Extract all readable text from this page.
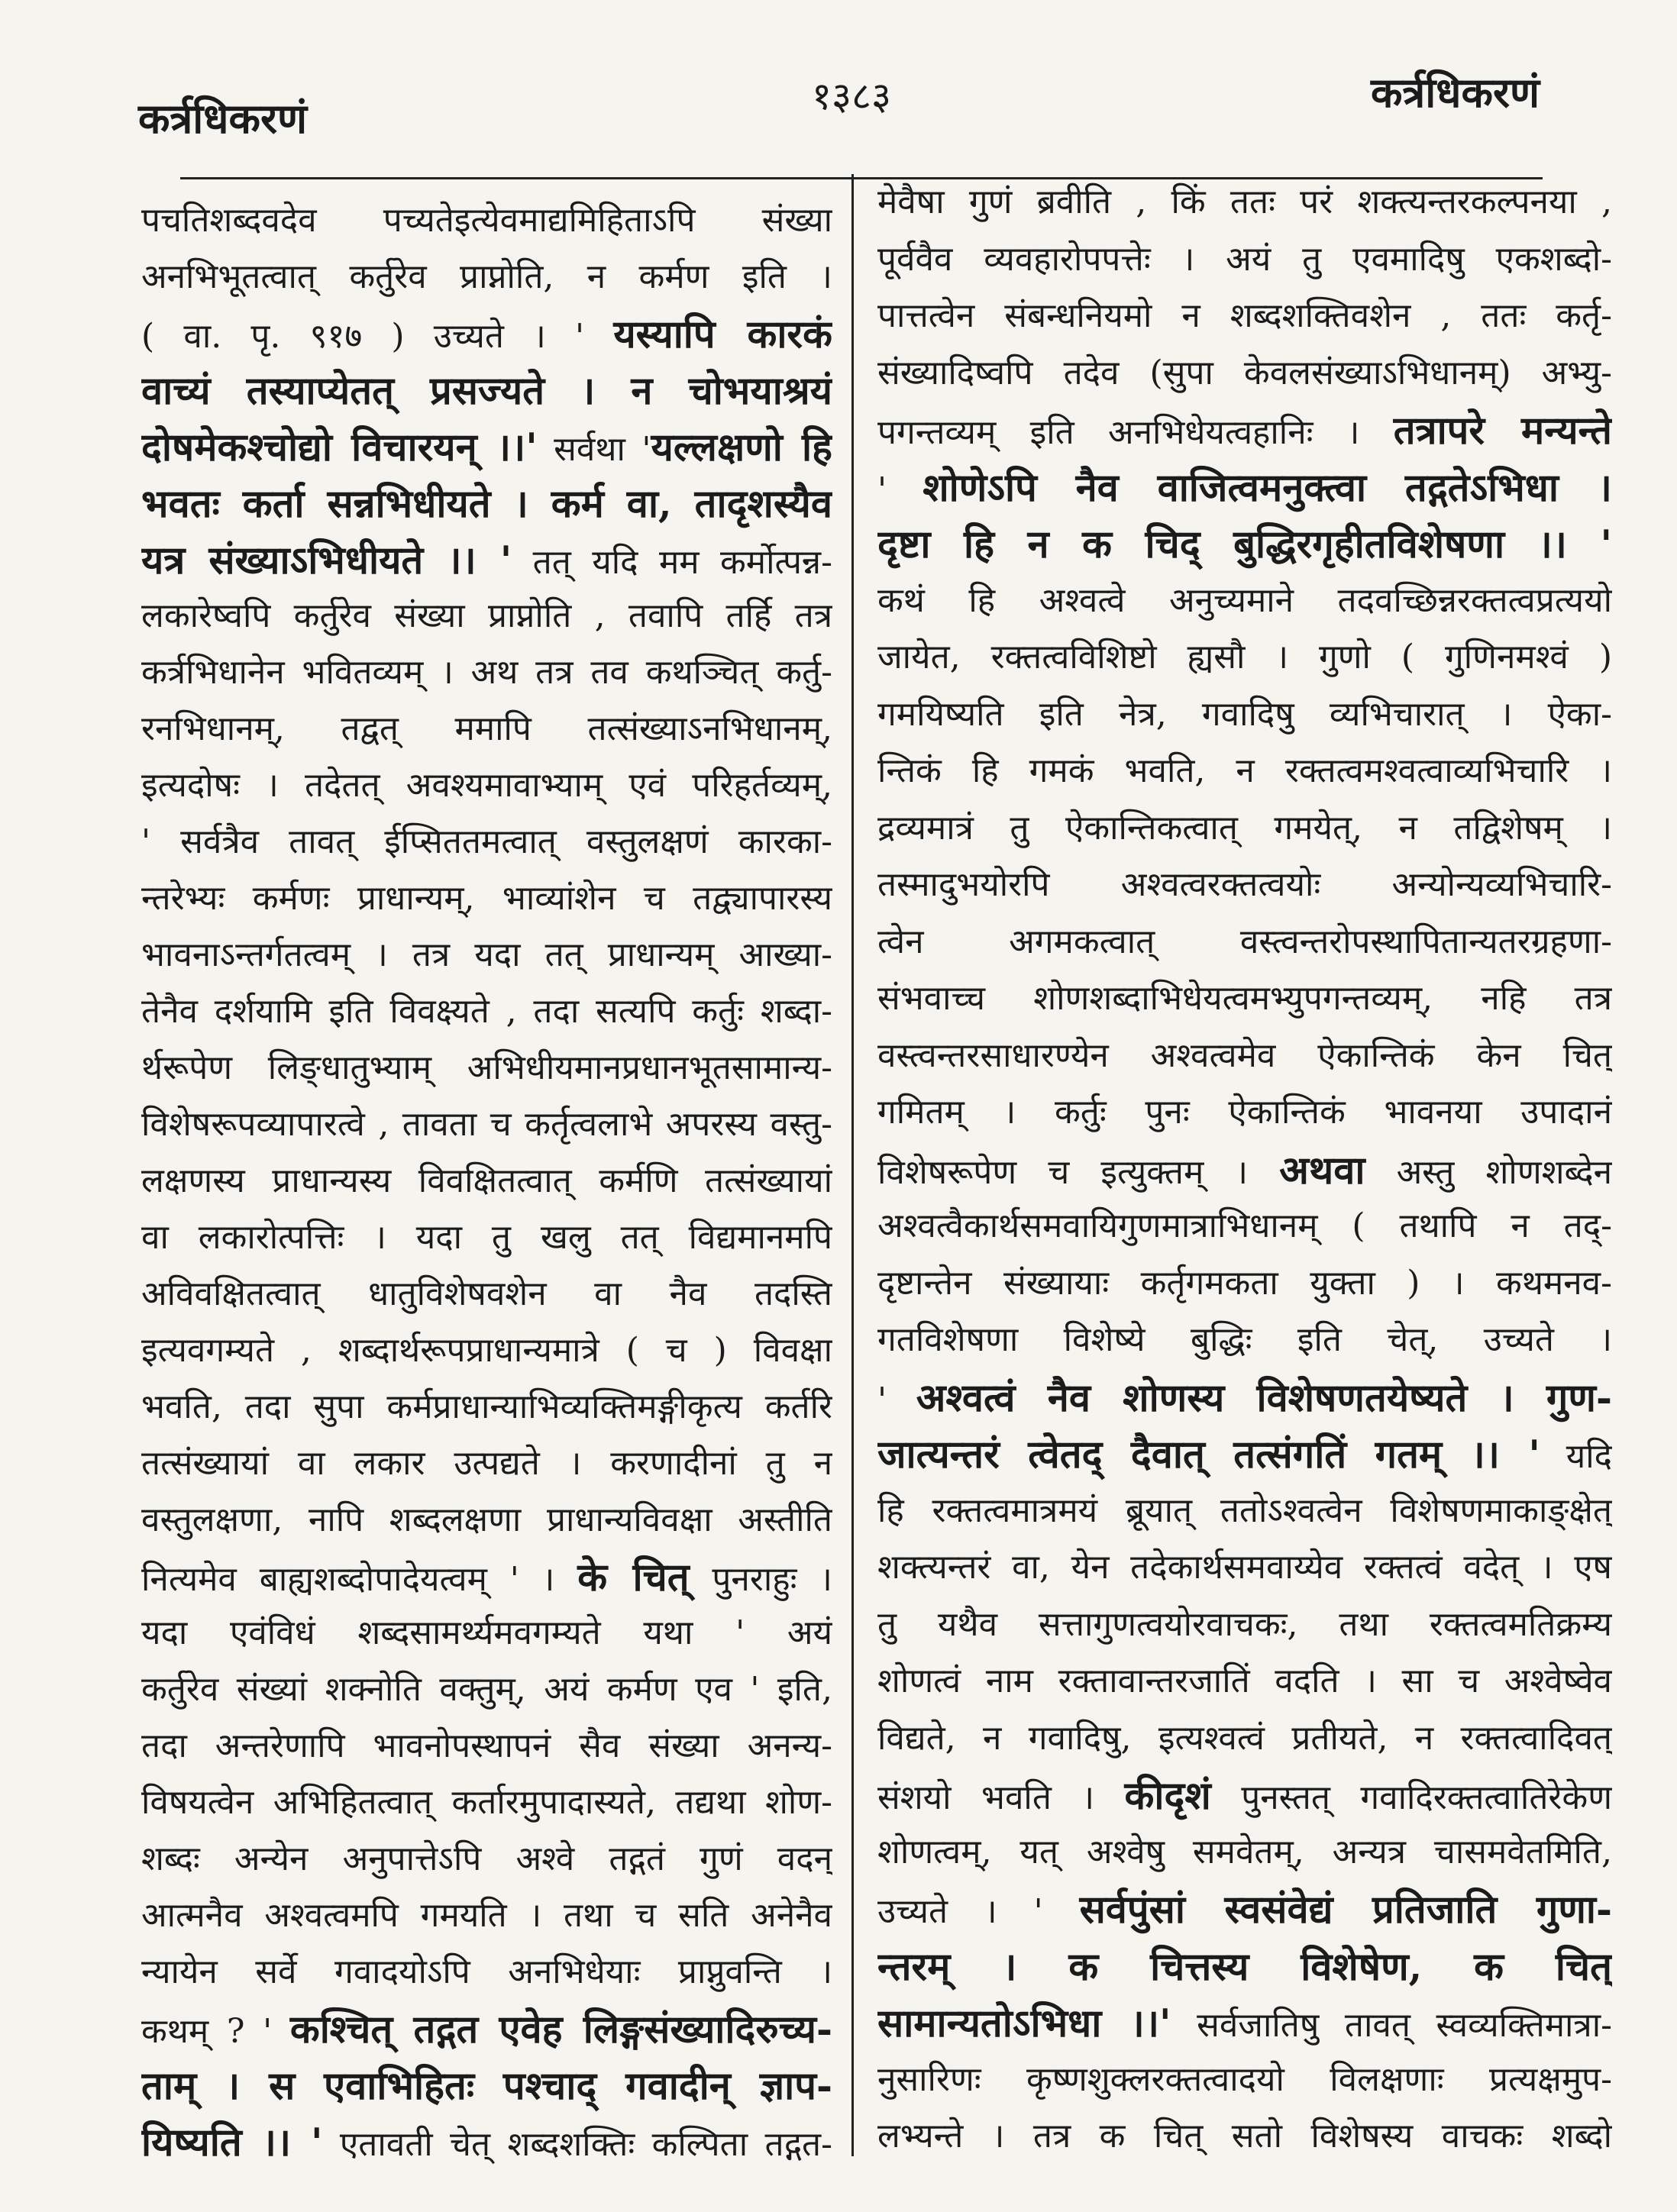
कर्त्रधिकरणं	१३८३	कर्त्रधिकरणं
पचतिशब्दवदेव पच्यतेइत्येवमाद्यमिहिताऽपि संख्या
अनभिभूतत्वात् कर्तुरेव प्राप्नोति, न कर्मण इति ।
( वा. पृ. ९१७ ) उच्यते । ' यस्यापि कारकं
वाच्यं तस्याप्येतत् प्रसज्यते । न चोभयाश्रयं
दोषमेकश्चोद्यो विचारयन् ।।' सर्वथा 'यल्लक्षणो हि
भवतः कर्ता सन्नभिधीयते । कर्म वा, तादृशस्यैव
यत्र संख्याऽभिधीयते ।। ' तत् यदि मम कर्मोत्पन्न-
लकारेष्वपि कर्तुरेव संख्या प्राप्नोति , तवापि तर्हि तत्र
कर्त्रभिधानेन भवितव्यम् । अथ तत्र तव कथञ्चित् कर्तु-
रनभिधानम्, तद्वत् ममापि तत्संख्याऽनभिधानम्,
इत्यदोषः । तदेतत् अवश्यमावाभ्याम् एवं परिहर्तव्यम्,
' सर्वत्रैव तावत् ईप्सिततमत्वात् वस्तुलक्षणं कारका-
न्तरेभ्यः कर्मणः प्राधान्यम्, भाव्यांशेन च तद्व्यापारस्य
भावनाऽन्तर्गतत्वम् । तत्र यदा तत् प्राधान्यम् आख्या-
तेनैव दर्शयामि इति विवक्ष्यते , तदा सत्यपि कर्तुः शब्दा-
र्थरूपेण लिङ्धातुभ्याम् अभिधीयमानप्रधानभूतसामान्य-
विशेषरूपव्यापारत्वे , तावता च कर्तृत्वलाभे अपरस्य वस्तु-
लक्षणस्य प्राधान्यस्य विवक्षितत्वात् कर्मणि तत्संख्यायां
वा लकारोत्पत्तिः । यदा तु खलु तत् विद्यमानमपि
अविवक्षितत्वात् धातुविशेषवशेन वा नैव तदस्ति
इत्यवगम्यते , शब्दार्थरूपप्राधान्यमात्रे ( च ) विवक्षा
भवति, तदा सुपा कर्मप्राधान्याभिव्यक्तिमङ्गीकृत्य कर्तरि
तत्संख्यायां वा लकार उत्पद्यते । करणादीनां तु न
वस्तुलक्षणा, नापि शब्दलक्षणा प्राधान्यविवक्षा अस्तीति
नित्यमेव बाह्यशब्दोपादेयत्वम् ' । के चित् पुनराहुः ।
यदा एवंविधं शब्दसामर्थ्यमवगम्यते यथा ' अयं
कर्तुरेव संख्यां शक्नोति वक्तुम्, अयं कर्मण एव ' इति,
तदा अन्तरेणापि भावनोपस्थापनं सैव संख्या अनन्य-
विषयत्वेन अभिहितत्वात् कर्तारमुपादास्यते, तद्यथा शोण-
शब्दः अन्येन अनुपात्तेऽपि अश्वे तद्गतं गुणं वदन्
आत्मनैव अश्वत्वमपि गमयति । तथा च सति अनेनैव
न्यायेन सर्वे गवादयोऽपि अनभिधेयाः प्राप्नुवन्ति ।
कथम् ? ' कश्चित् तद्गत एवेह लिङ्गसंख्यादिरुच्य-
ताम् । स एवाभिहितः पश्चाद् गवादीन् ज्ञाप-
यिष्यति ।। ' एतावती चेत् शब्दशक्तिः कल्पिता तद्गत-
मेवैषा गुणं ब्रवीति , किं ततः परं शक्त्यन्तरकल्पनया ,
पूर्ववैव व्यवहारोपपत्तेः । अयं तु एवमादिषु एकशब्दो-
पात्तत्वेन संबन्धनियमो न शब्दशक्तिवशेन , ततः कर्तृ-
संख्यादिष्वपि तदेव (सुपा केवलसंख्याऽभिधानम्) अभ्यु-
पगन्तव्यम् इति अनभिधेयत्वहानिः । तत्रापरे मन्यन्ते
' शोणेऽपि नैव वाजित्वमनुक्त्वा तद्गतेऽभिधा ।
दृष्टा हि न क चिद् बुद्धिरगृहीतविशेषणा ।। '
कथं हि अश्वत्वे अनुच्यमाने तदवच्छिन्नरक्तत्वप्रत्ययो
जायेत, रक्तत्वविशिष्टो ह्यसौ । गुणो ( गुणिनमश्वं )
गमयिष्यति इति नेत्र, गवादिषु व्यभिचारात् । ऐका-
न्तिकं हि गमकं भवति, न रक्तत्वमश्वत्वाव्यभिचारि ।
द्रव्यमात्रं तु ऐकान्तिकत्वात् गमयेत्, न तद्विशेषम् ।
तस्मादुभयोरपि अश्वत्वरक्तत्वयोः अन्योन्यव्यभिचारि-
त्वेन अगमकत्वात् वस्त्वन्तरोपस्थापितान्यतरग्रहणा-
संभवाच्च शोणशब्दाभिधेयत्वमभ्युपगन्तव्यम्, नहि तत्र
वस्त्वन्तरसाधारण्येन अश्वत्वमेव ऐकान्तिकं केन चित्
गमितम् । कर्तुः पुनः ऐकान्तिकं भावनया उपादानं
विशेषरूपेण च इत्युक्तम् । अथवा अस्तु शोणशब्देन
अश्वत्वैकार्थसमवायिगुणमात्राभिधानम् ( तथापि न तद्-
दृष्टान्तेन संख्यायाः कर्तृगमकता युक्ता ) । कथमनव-
गतविशेषणा विशेष्ये बुद्धिः इति चेत्, उच्यते ।
' अश्वत्वं नैव शोणस्य विशेषणतयेष्यते । गुण-
जात्यन्तरं त्वेतद् दैवात् तत्संगतिं गतम् ।। ' यदि
हि रक्तत्वमात्रमयं ब्रूयात् ततोऽश्वत्वेन विशेषणमाकाङ्क्षेत्
शक्त्यन्तरं वा, येन तदेकार्थसमवाय्येव रक्तत्वं वदेत् । एष
तु यथैव सत्तागुणत्वयोरवाचकः, तथा रक्तत्वमतिक्रम्य
शोणत्वं नाम रक्तावान्तरजातिं वदति । सा च अश्वेष्वेव
विद्यते, न गवादिषु, इत्यश्वत्वं प्रतीयते, न रक्तत्वादिवत्
संशयो भवति । कीदृशं पुनस्तत् गवादिरक्तत्वातिरेकेण
शोणत्वम्, यत् अश्वेषु समवेतम्, अन्यत्र चासमवेतमिति,
उच्यते । ' सर्वपुंसां स्वसंवेद्यं प्रतिजाति गुणा-
न्तरम् । क चित्तस्य विशेषेण, क चित्
सामान्यतोऽभिधा ।।' सर्वजातिषु तावत् स्वव्यक्तिमात्रा-
नुसारिणः कृष्णशुक्लरक्तत्वादयो विलक्षणाः प्रत्यक्षमुप-
लभ्यन्ते । तत्र क चित् सतो विशेषस्य वाचकः शब्दो
